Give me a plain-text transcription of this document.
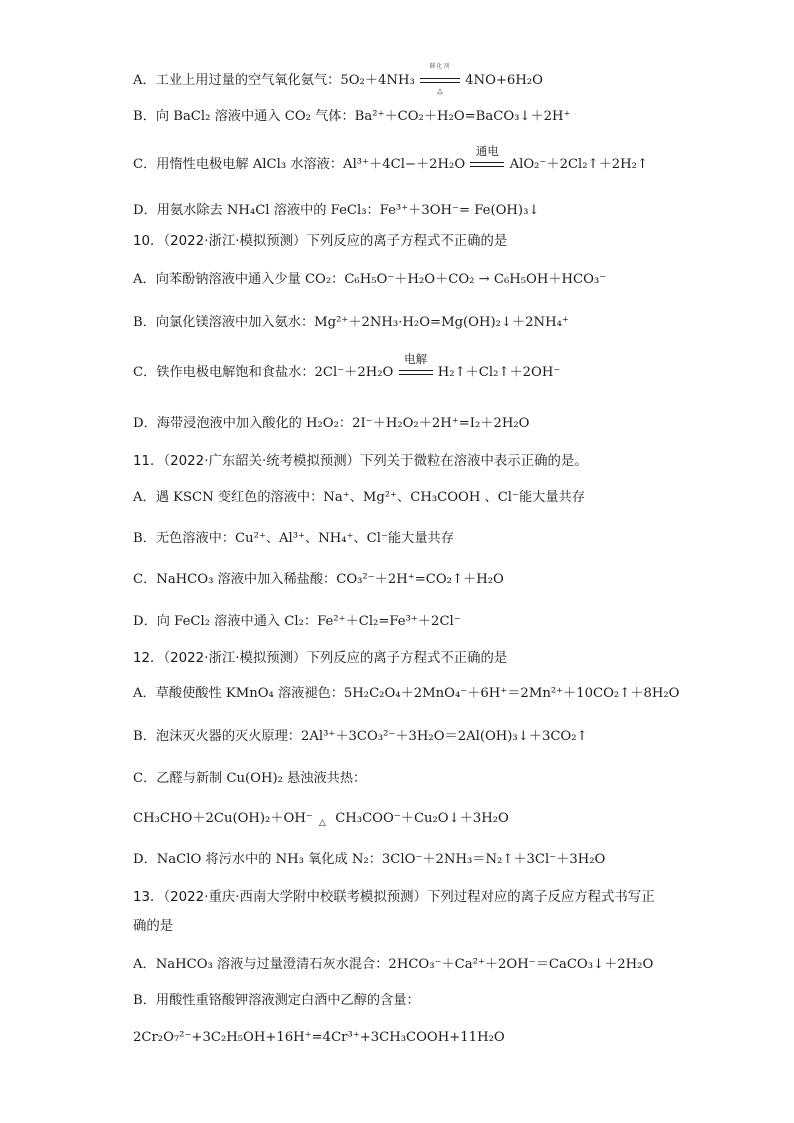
A．工业上用过量的空气氧化氨气：5O₂＋4NH₃
催化剂
△
4NO+6H₂O
B．向 BaCl₂ 溶液中通入 CO₂ 气体：Ba²⁺＋CO₂＋H₂O=BaCO₃↓＋2H⁺
C．用惰性电极电解 AlCl₃ 水溶液：Al³⁺＋4Cl−＋2H₂O
通电
AlO₂⁻＋2Cl₂↑＋2H₂↑
D．用氨水除去 NH₄Cl 溶液中的 FeCl₃：Fe³⁺＋3OH⁻= Fe(OH)₃↓
10．（2022·浙江·模拟预测）下列反应的离子方程式不正确的是
A．向苯酚钠溶液中通入少量 CO₂：C₆H₅O⁻＋H₂O＋CO₂ → C₆H₅OH＋HCO₃⁻
B．向氯化镁溶液中加入氨水：Mg²⁺＋2NH₃·H₂O=Mg(OH)₂↓＋2NH₄⁺
C．铁作电极电解饱和食盐水：2Cl⁻＋2H₂O
电解
H₂↑＋Cl₂↑＋2OH⁻
D．海带浸泡液中加入酸化的 H₂O₂：2I⁻＋H₂O₂＋2H⁺=I₂＋2H₂O
11．（2022·广东韶关·统考模拟预测）下列关于微粒在溶液中表示正确的是。
A．遇 KSCN 变红色的溶液中：Na⁺、Mg²⁺、CH₃COOH 、Cl⁻能大量共存
B．无色溶液中：Cu²⁺、Al³⁺、NH₄⁺、Cl⁻能大量共存
C．NaHCO₃ 溶液中加入稀盐酸：CO₃²⁻＋2H⁺=CO₂↑＋H₂O
D．向 FeCl₂ 溶液中通入 Cl₂：Fe²⁺＋Cl₂=Fe³⁺＋2Cl⁻
12．（2022·浙江·模拟预测）下列反应的离子方程式不正确的是
A．草酸使酸性 KMnO₄ 溶液褪色：5H₂C₂O₄＋2MnO₄⁻＋6H⁺＝2Mn²⁺＋10CO₂↑＋8H₂O
B．泡沫灭火器的灭火原理：2Al³⁺＋3CO₃²⁻＋3H₂O＝2Al(OH)₃↓＋3CO₂↑
C．乙醛与新制 Cu(OH)₂ 悬浊液共热：
CH₃CHO＋2Cu(OH)₂＋OH⁻ △ CH₃COO⁻＋Cu₂O↓＋3H₂O
D．NaClO 将污水中的 NH₃ 氧化成 N₂：3ClO⁻＋2NH₃＝N₂↑＋3Cl⁻＋3H₂O
13．（2022·重庆·西南大学附中校联考模拟预测）下列过程对应的离子反应方程式书写正
确的是
A．NaHCO₃ 溶液与过量澄清石灰水混合：2HCO₃⁻＋Ca²⁺＋2OH⁻＝CaCO₃↓＋2H₂O
B．用酸性重铬酸钾溶液测定白酒中乙醇的含量：
2Cr₂O₇²⁻+3C₂H₅OH+16H⁺=4Cr³⁺+3CH₃COOH+11H₂O
